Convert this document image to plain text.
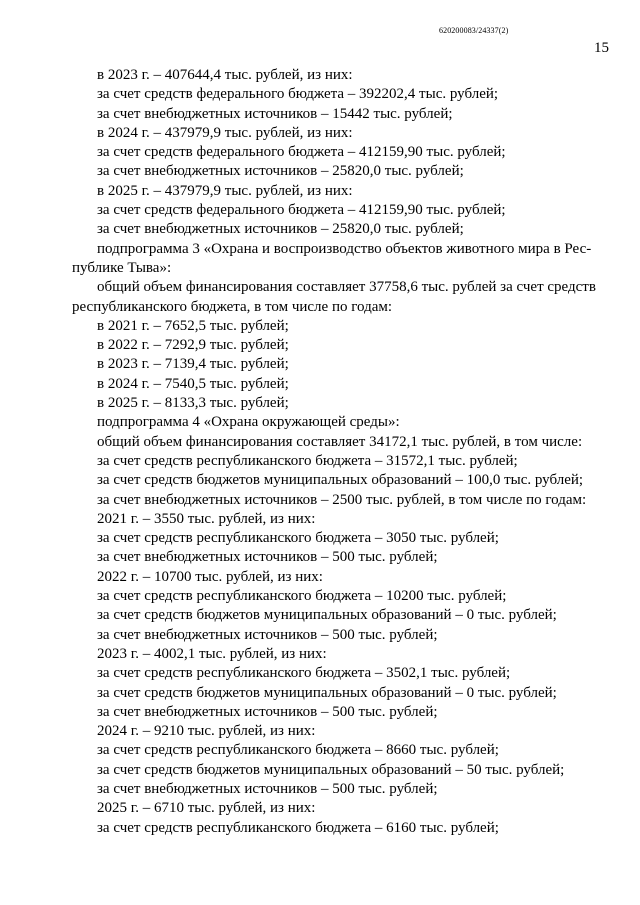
620200083/24337(2)
15
в 2023 г. – 407644,4 тыс. рублей, из них:
за счет средств федерального бюджета – 392202,4 тыс. рублей;
за счет внебюджетных источников – 15442 тыс. рублей;
в 2024 г. – 437979,9 тыс. рублей, из них:
за счет средств федерального бюджета – 412159,90 тыс. рублей;
за счет внебюджетных источников – 25820,0 тыс. рублей;
в 2025 г. – 437979,9 тыс. рублей, из них:
за счет средств федерального бюджета – 412159,90 тыс. рублей;
за счет внебюджетных источников – 25820,0 тыс. рублей;
подпрограмма 3 «Охрана и воспроизводство объектов животного мира в Рес-
публике Тыва»:
общий объем финансирования составляет 37758,6 тыс. рублей за счет средств
республиканского бюджета, в том числе по годам:
в 2021 г. – 7652,5 тыс. рублей;
в 2022 г. – 7292,9 тыс. рублей;
в 2023 г. – 7139,4 тыс. рублей;
в 2024 г. – 7540,5 тыс. рублей;
в 2025 г. – 8133,3 тыс. рублей;
подпрограмма 4 «Охрана окружающей среды»:
общий объем финансирования составляет 34172,1 тыс. рублей, в том числе:
за счет средств республиканского бюджета – 31572,1 тыс. рублей;
за счет средств бюджетов муниципальных образований – 100,0 тыс. рублей;
за счет внебюджетных источников – 2500 тыс. рублей, в том числе по годам:
2021 г. – 3550 тыс. рублей, из них:
за счет средств республиканского бюджета – 3050 тыс. рублей;
за счет внебюджетных источников – 500 тыс. рублей;
2022 г. – 10700 тыс. рублей, из них:
за счет средств республиканского бюджета – 10200 тыс. рублей;
за счет средств бюджетов муниципальных образований – 0 тыс. рублей;
за счет внебюджетных источников – 500 тыс. рублей;
2023 г. – 4002,1 тыс. рублей, из них:
за счет средств республиканского бюджета – 3502,1 тыс. рублей;
за счет средств бюджетов муниципальных образований – 0 тыс. рублей;
за счет внебюджетных источников – 500 тыс. рублей;
2024 г. – 9210 тыс. рублей, из них:
за счет средств республиканского бюджета – 8660 тыс. рублей;
за счет средств бюджетов муниципальных образований – 50 тыс. рублей;
за счет внебюджетных источников – 500 тыс. рублей;
2025 г. – 6710 тыс. рублей, из них:
за счет средств республиканского бюджета – 6160 тыс. рублей;
